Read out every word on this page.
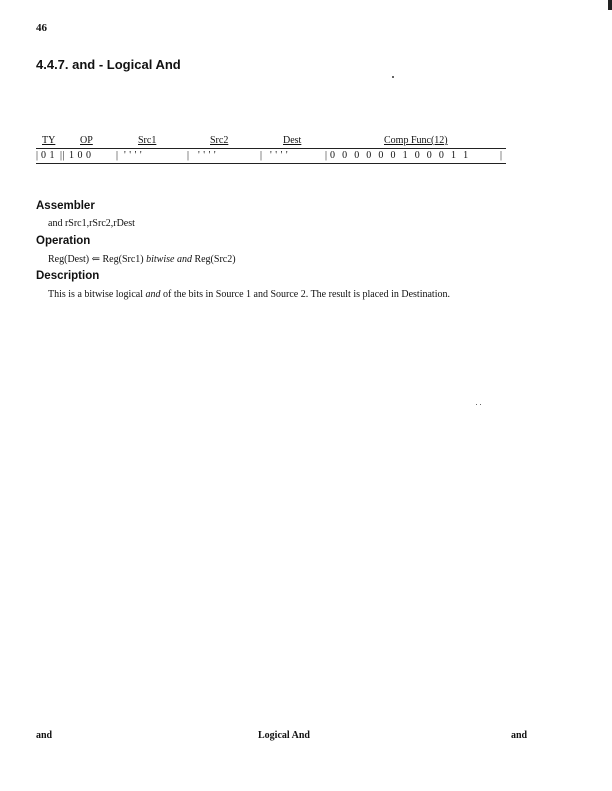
46
4.4.7. and - Logical And
TY OP	Src1	Src2	Dest	Comp Func(12)
| 0 1 || 1 0 0 | ' ' ' '	| ' ' ' '	| ' ' ' '	| 0 0 0 0 0 0 1 0 0 0 1 1	|
Assembler
and rSrc1,rSrc2,rDest
Operation
Reg(Dest) ⇐ Reg(Src1) bitwise and Reg(Src2)
Description
This is a bitwise logical and of the bits in Source 1 and Source 2. The result is placed in Destination.
and	Logical And	and
